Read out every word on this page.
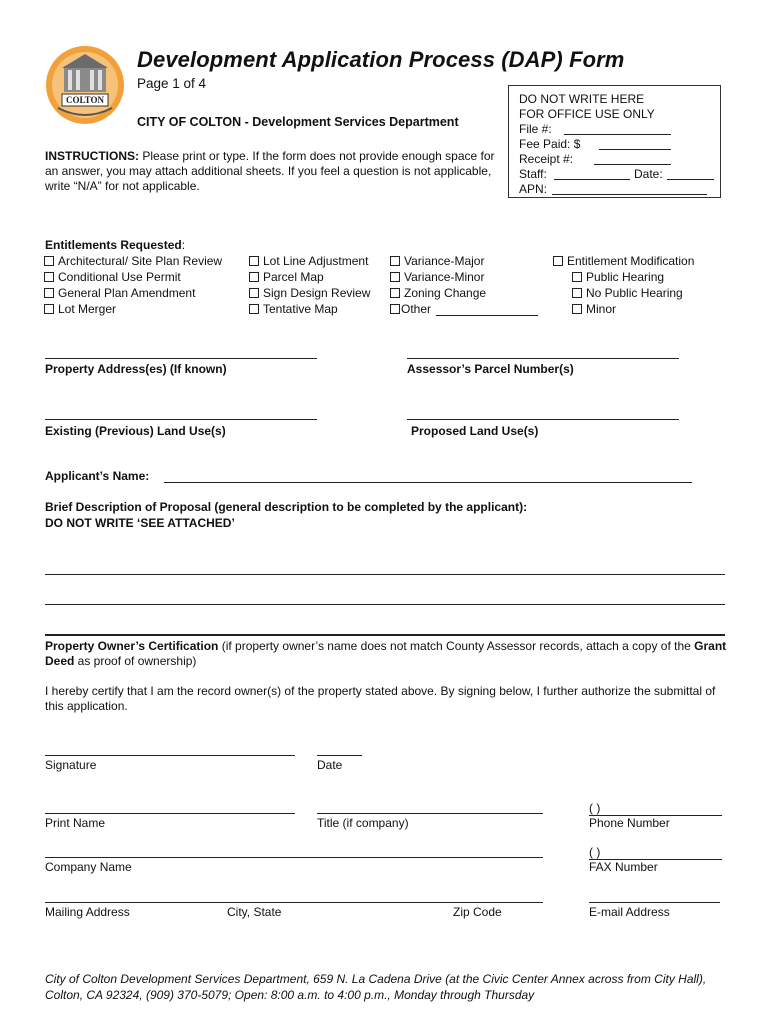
COLTON
Development Application Process (DAP) Form
Page 1 of 4
CITY OF COLTON - Development Services Department
DO NOT WRITE HERE
FOR OFFICE USE ONLY
File #:
Fee Paid: $
Receipt #:
Staff:	Date:
APN:
INSTRUCTIONS: Please print or type. If the form does not provide enough space for an answer, you may attach additional sheets. If you feel a question is not applicable, write “N/A” for not applicable.
Entitlements Requested:
Architectural/ Site Plan Review
Conditional Use Permit
General Plan Amendment
Lot Merger
Lot Line Adjustment
Parcel Map
Sign Design Review
Tentative Map
Variance-Major
Variance-Minor
Zoning Change
Other
Entitlement Modification
Public Hearing
No Public Hearing
Minor
Property Address(es) (If known)	Assessor’s Parcel Number(s)
Existing (Previous) Land Use(s)	Proposed Land Use(s)
Applicant’s Name:
Brief Description of Proposal (general description to be completed by the applicant):
DO NOT WRITE ‘SEE ATTACHED’
Property Owner’s Certification (if property owner’s name does not match County Assessor records, attach a copy of the Grant Deed as proof of ownership)
I hereby certify that I am the record owner(s) of the property stated above. By signing below, I further authorize the submittal of this application.
Signature	Date
( )
Print Name	Title (if company)	Phone Number
( )
Company Name	FAX Number
Mailing Address	City, State	Zip Code	E-mail Address
City of Colton Development Services Department, 659 N. La Cadena Drive (at the Civic Center Annex across from City Hall), Colton, CA 92324, (909) 370-5079; Open: 8:00 a.m. to 4:00 p.m., Monday through Thursday
